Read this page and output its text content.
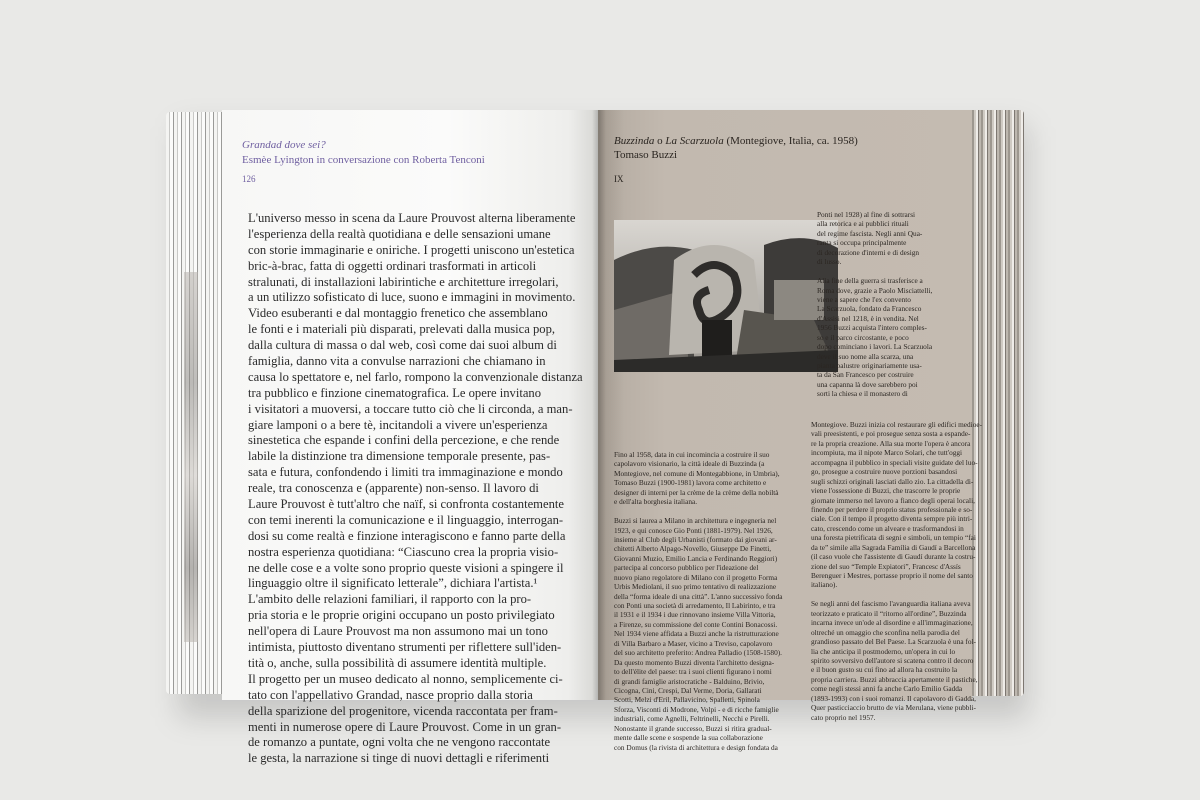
Grandad dove sei?
Esmèe Lyington in conversazione con Roberta Tenconi
126
L'universo messo in scena da Laure Prouvost alterna liberamente
l'esperienza della realtà quotidiana e delle sensazioni umane
con storie immaginarie e oniriche. I progetti uniscono un'estetica
bric-à-brac, fatta di oggetti ordinari trasformati in articoli
stralunati, di installazioni labirintiche e architetture irregolari,
a un utilizzo sofisticato di luce, suono e immagini in movimento.
Video esuberanti e dal montaggio frenetico che assemblano
le fonti e i materiali più disparati, prelevati dalla musica pop,
dalla cultura di massa o dal web, così come dai suoi album di
famiglia, danno vita a convulse narrazioni che chiamano in
causa lo spettatore e, nel farlo, rompono la convenzionale distanza
tra pubblico e finzione cinematografica. Le opere invitano
i visitatori a muoversi, a toccare tutto ciò che li circonda, a man-
giare lamponi o a bere tè, incitandoli a vivere un'esperienza
sinestetica che espande i confini della percezione, e che rende
labile la distinzione tra dimensione temporale presente, pas-
sata e futura, confondendo i limiti tra immaginazione e mondo
reale, tra conoscenza e (apparente) non-senso. Il lavoro di
Laure Prouvost è tutt'altro che naïf, si confronta costantemente
con temi inerenti la comunicazione e il linguaggio, interrogan-
dosi su come realtà e finzione interagiscono e fanno parte della
nostra esperienza quotidiana: “Ciascuno crea la propria visio-
ne delle cose e a volte sono proprio queste visioni a spingere il
linguaggio oltre il significato letterale”, dichiara l'artista.¹
L'ambito delle relazioni familiari, il rapporto con la pro-
pria storia e le proprie origini occupano un posto privilegiato
nell'opera di Laure Prouvost ma non assumono mai un tono
intimista, piuttosto diventano strumenti per riflettere sull'iden-
tità o, anche, sulla possibilità di assumere identità multiple.
Il progetto per un museo dedicato al nonno, semplicemente ci-
tato con l'appellativo Grandad, nasce proprio dalla storia
della sparizione del progenitore, vicenda raccontata per fram-
menti in numerose opere di Laure Prouvost. Come in un gran-
de romanzo a puntate, ogni volta che ne vengono raccontate
le gesta, la narrazione si tinge di nuovi dettagli e riferimenti
Buzzinda o La Scarzuola (Montegiove, Italia, ca. 1958)
Tomaso Buzzi
IX
Fino al 1958, data in cui incomincia a costruire il suo
capolavoro visionario, la città ideale di Buzzinda (a
Montegiove, nel comune di Montegabbione, in Umbria),
Tomaso Buzzi (1900-1981) lavora come architetto e
designer di interni per la crème de la crème della nobiltà
e dell'alta borghesia italiana.
Buzzi si laurea a Milano in architettura e ingegneria nel
1923, e qui conosce Gio Ponti (1881-1979). Nel 1926,
insieme al Club degli Urbanisti (formato dai giovani ar-
chitetti Alberto Alpago-Novello, Giuseppe De Finetti,
Giovanni Muzio, Emilio Lancia e Ferdinando Reggiori)
partecipa al concorso pubblico per l'ideazione del
nuovo piano regolatore di Milano con il progetto Forma
Urbis Mediolani, il suo primo tentativo di realizzazione
della “forma ideale di una città”. L'anno successivo fonda
con Ponti una società di arredamento, Il Labirinto, e tra
il 1931 e il 1934 i due rinnovano insieme Villa Vittoria,
a Firenze, su commissione del conte Contini Bonacossi.
Nel 1934 viene affidata a Buzzi anche la ristrutturazione
di Villa Barbaro a Maser, vicino a Treviso, capolavoro
del suo architetto preferito: Andrea Palladio (1508-1580).
Da questo momento Buzzi diventa l'architetto designa-
to dell'élite del paese: tra i suoi clienti figurano i nomi
di grandi famiglie aristocratiche - Balduino, Brivio,
Cicogna, Cini, Crespi, Dal Verme, Doria, Gallarati
Scotti, Melzi d'Eril, Pallavicino, Spalletti, Spinola
Sforza, Visconti di Modrone, Volpi - e di ricche famiglie
industriali, come Agnelli, Feltrinelli, Necchi e Pirelli.
Nonostante il grande successo, Buzzi si ritira gradual-
mente dalle scene e sospende la sua collaborazione
con Domus (la rivista di architettura e design fondata da
Montegiove. Buzzi inizia col restaurare gli edifici medioe-
vali preesistenti, e poi prosegue senza sosta a espande-
re la propria creazione. Alla sua morte l'opera è ancora
incompiuta, ma il nipote Marco Solari, che tutt'oggi
accompagna il pubblico in speciali visite guidate del luo-
go, prosegue a costruire nuove porzioni basandosi
sugli schizzi originali lasciati dallo zio. La cittadella di-
viene l'ossessione di Buzzi, che trascorre le proprie
giornate immerso nel lavoro a fianco degli operai locali,
finendo per perdere il proprio status professionale e so-
ciale. Con il tempo il progetto diventa sempre più intri-
cato, crescendo come un alveare e trasformandosi in
una foresta pietrificata di segni e simboli, un tempio “fai
da te” simile alla Sagrada Família di Gaudí a Barcellona
(il caso vuole che l'assistente di Gaudí durante la costru-
zione del suo “Temple Expiatori”, Francesc d'Assís
Berenguer i Mestres, portasse proprio il nome del santo
italiano).
Se negli anni del fascismo l'avanguardia italiana aveva
teorizzato e praticato il “ritorno all'ordine”, Buzzinda
incarna invece un'ode al disordine e all'immaginazione,
oltreché un omaggio che sconfina nella parodia del
grandioso passato del Bel Paese. La Scarzuola è una fol-
lia che anticipa il postmoderno, un'opera in cui lo
spirito sovversivo dell'autore si scatena contro il decoro
e il buon gusto su cui fino ad allora ha costruito la
propria carriera. Buzzi abbraccia apertamente il pastiche,
come negli stessi anni fa anche Carlo Emilio Gadda
(1893-1993) con i suoi romanzi. Il capolavoro di Gadda,
Quer pasticciaccio brutto de via Merulana, viene pubbli-
cato proprio nel 1957.
Ponti nel 1928) al fine di sottrarsi
alla retorica e ai pubblici rituali
del regime fascista. Negli anni Qua-
ranta si occupa principalmente
di decorazione d'interni e di design
di lusso.
Alla fine della guerra si trasferisce a
Roma dove, grazie a Paolo Misciattelli,
viene a sapere che l'ex convento
La Scarzuola, fondato da Francesco
d'Assisi nel 1218, è in vendita. Nel
1956 Buzzi acquista l'intero comples-
so e il parco circostante, e poco
dopo cominciano i lavori. La Scarzuola
deve il suo nome alla scarza, una
pianta palustre originariamente usa-
ta da San Francesco per costruire
una capanna là dove sarebbero poi
sorti la chiesa e il monastero di
